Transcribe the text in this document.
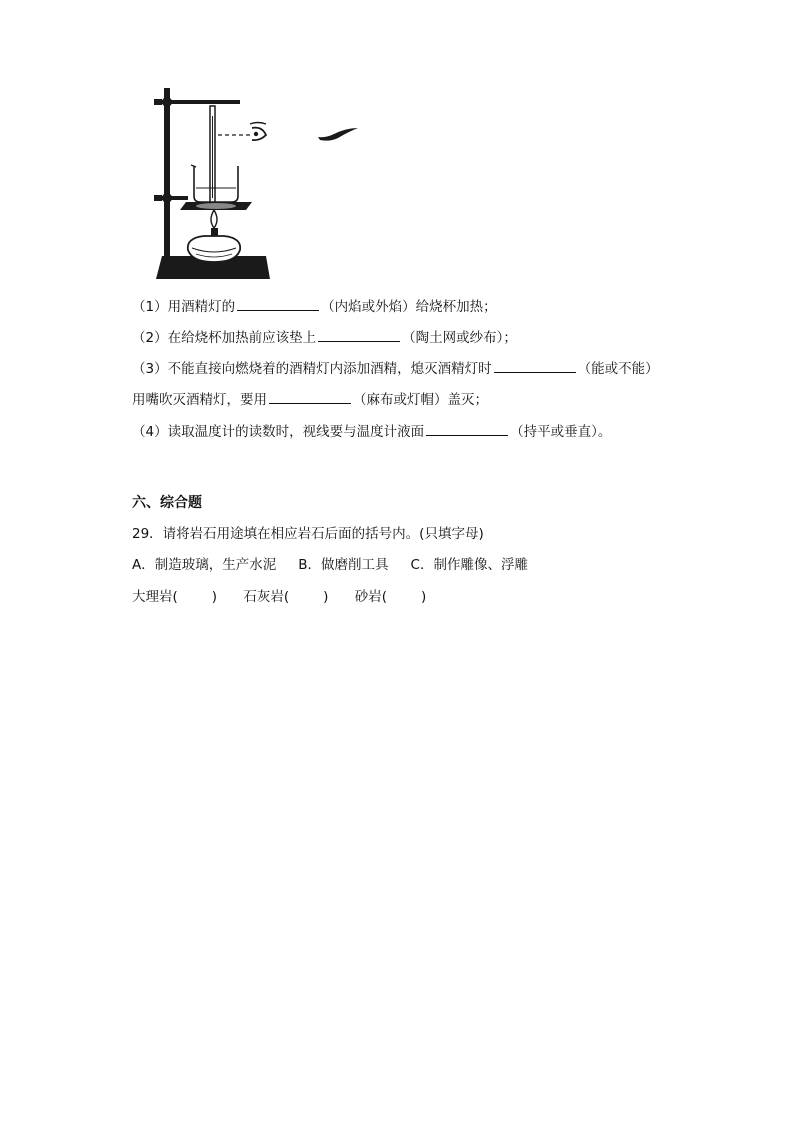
（1）用酒精灯的	（内焰或外焰）给烧杯加热；
（2）在给烧杯加热前应该垫上	（陶土网或纱布）；
（3）不能直接向燃烧着的酒精灯内添加酒精，熄灭酒精灯时	（能或不能）
用嘴吹灭酒精灯，要用	（麻布或灯帽）盖灭；
（4）读取温度计的读数时，视线要与温度计液面	（持平或垂直）。
六、综合题
29．请将岩石用途填在相应岩石后面的括号内。(只填字母)
A．制造玻璃，生产水泥 B．做磨削工具 C．制作雕像、浮雕
大理岩(	) 石灰岩(	) 砂岩(	)
